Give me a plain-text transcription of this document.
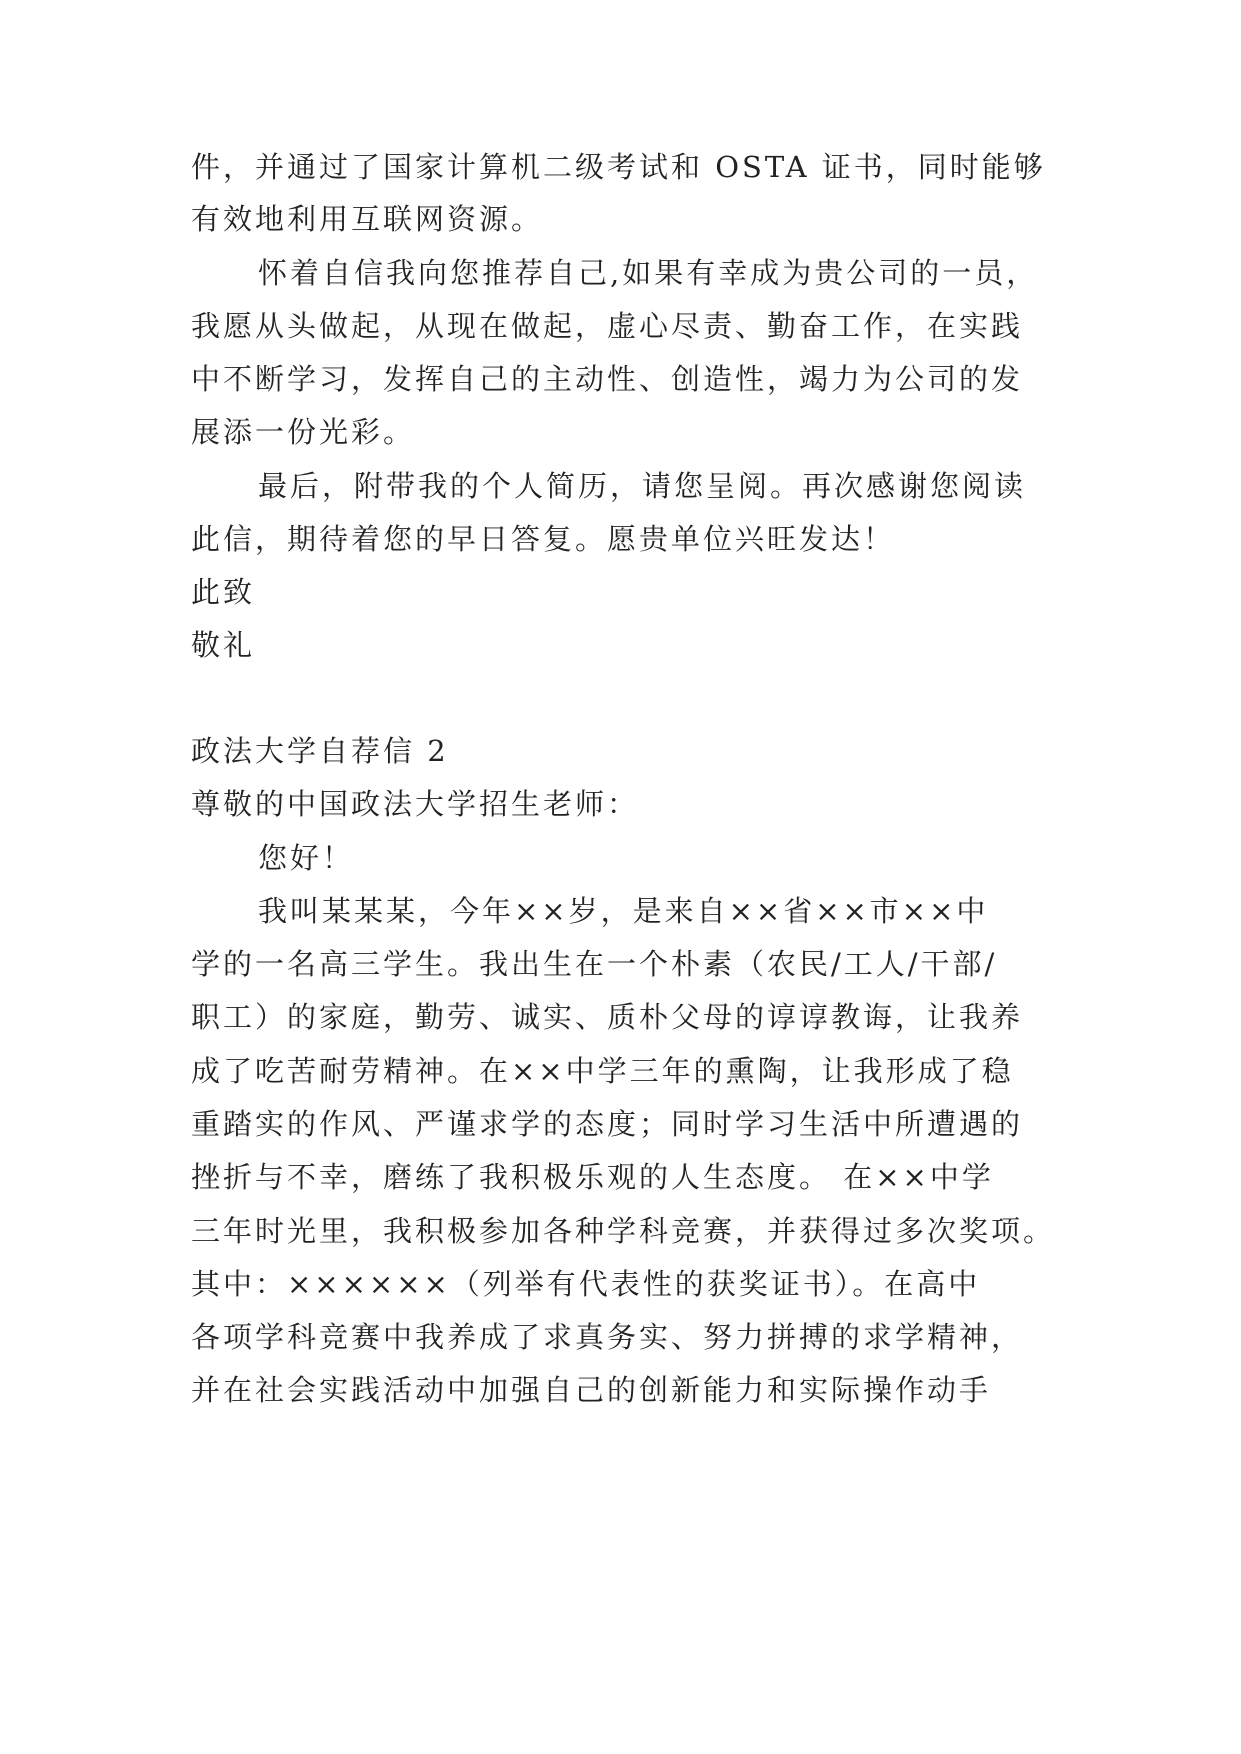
件，并通过了国家计算机二级考试和 OSTA 证书，同时能够
有效地利用互联网资源。
怀着自信我向您推荐自己,如果有幸成为贵公司的一员，
我愿从头做起，从现在做起，虚心尽责、勤奋工作，在实践
中不断学习，发挥自己的主动性、创造性，竭力为公司的发
展添一份光彩。
最后，附带我的个人简历，请您呈阅。再次感谢您阅读
此信，期待着您的早日答复。愿贵单位兴旺发达！
此致
敬礼
政法大学自荐信 2
尊敬的中国政法大学招生老师：
您好！
我叫某某某，今年××岁，是来自××省××市××中
学的一名高三学生。我出生在一个朴素（农民/工人/干部/
职工）的家庭，勤劳、诚实、质朴父母的谆谆教诲，让我养
成了吃苦耐劳精神。在××中学三年的熏陶，让我形成了稳
重踏实的作风、严谨求学的态度；同时学习生活中所遭遇的
挫折与不幸，磨练了我积极乐观的人生态度。 在××中学
三年时光里，我积极参加各种学科竞赛，并获得过多次奖项。
其中：××××××（列举有代表性的获奖证书）。在高中
各项学科竞赛中我养成了求真务实、努力拼搏的求学精神，
并在社会实践活动中加强自己的创新能力和实际操作动手
